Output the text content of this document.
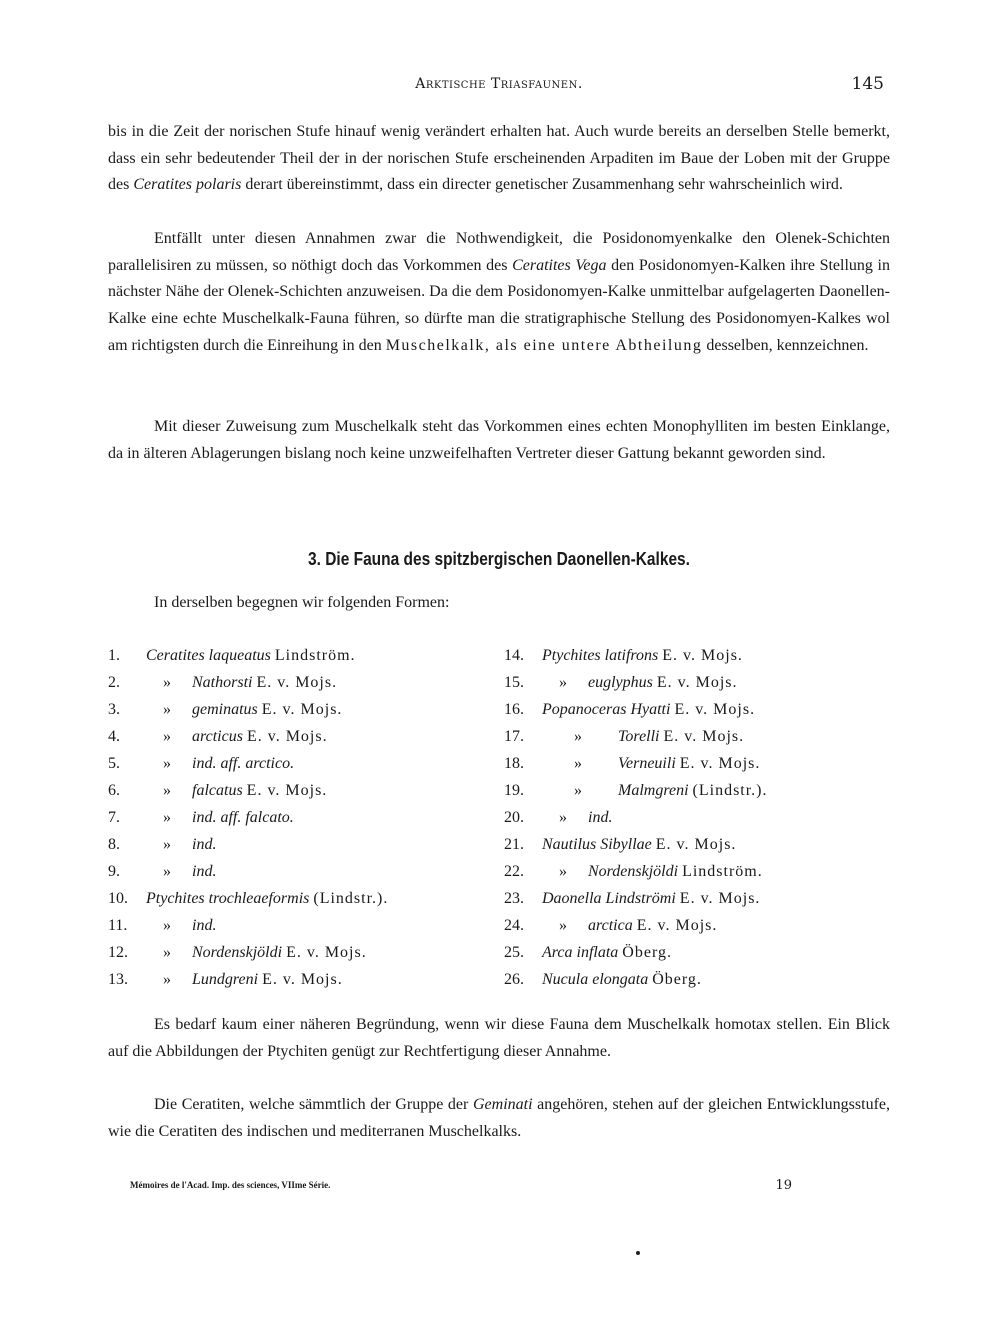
Arktische Triasfaunen.	145

bis in die Zeit der norischen Stufe hinauf wenig verändert erhalten hat. Auch wurde bereits an derselben Stelle bemerkt, dass ein sehr bedeutender Theil der in der norischen Stufe erscheinenden Arpaditen im Baue der Loben mit der Gruppe des Ceratites polaris derart übereinstimmt, dass ein directer genetischer Zusammenhang sehr wahrscheinlich wird.

Entfällt unter diesen Annahmen zwar die Nothwendigkeit, die Posidonomyenkalke den Olenek-Schichten parallelisiren zu müssen, so nöthigt doch das Vorkommen des Ceratites Vega den Posidonomyen-Kalken ihre Stellung in nächster Nähe der Olenek-Schichten anzuweisen. Da die dem Posidonomyen-Kalke unmittelbar aufgelagerten Daonellen-Kalke eine echte Muschelkalk-Fauna führen, so dürfte man die stratigraphische Stellung des Posidonomyen-Kalkes wol am richtigsten durch die Einreihung in den Muschelkalk, als eine untere Abtheilung desselben, kennzeichnen.

Mit dieser Zuweisung zum Muschelkalk steht das Vorkommen eines echten Monophylliten im besten Einklange, da in älteren Ablagerungen bislang noch keine unzweifelhaften Vertreter dieser Gattung bekannt geworden sind.

3. Die Fauna des spitzbergischen Daonellen-Kalkes.

In derselben begegnen wir folgenden Formen:

1. Ceratites laqueatus Lindström.
2.	» Nathorsti E. v. Mojs.
3.	» geminatus E. v. Mojs.
4.	» arcticus E. v. Mojs.
5.	» ind. aff. arctico.
6.	» falcatus E. v. Mojs.
7.	» ind. aff. falcato.
8.	» ind.
9.	» ind.
10. Ptychites trochleaeformis (Lindstr.).
11. » ind.
12. » Nordenskjöldi E. v. Mojs.
13. » Lundgreni E. v. Mojs.
14. Ptychites latifrons E. v. Mojs.
15. » euglyphus E. v. Mojs.
16. Popanoceras Hyatti E. v. Mojs.
17.	» Torelli E. v. Mojs.
18.	» Verneuili E. v. Mojs.
19.	» Malmgreni (Lindstr.).
20. » ind.
21. Nautilus Sibyllae E. v. Mojs.
22. » Nordenskjöldi Lindström.
23. Daonella Lindströmi E. v. Mojs.
24. » arctica E. v. Mojs.
25. Arca inflata Öberg.
26. Nucula elongata Öberg.

Es bedarf kaum einer näheren Begründung, wenn wir diese Fauna dem Muschelkalk homotax stellen. Ein Blick auf die Abbildungen der Ptychiten genügt zur Rechtfertigung dieser Annahme.

Die Ceratiten, welche sämmtlich der Gruppe der Geminati angehören, stehen auf der gleichen Entwicklungsstufe, wie die Ceratiten des indischen und mediterranen Muschelkalks.

Mémoires de l'Acad. Imp. des sciences, VIIme Série.	19
